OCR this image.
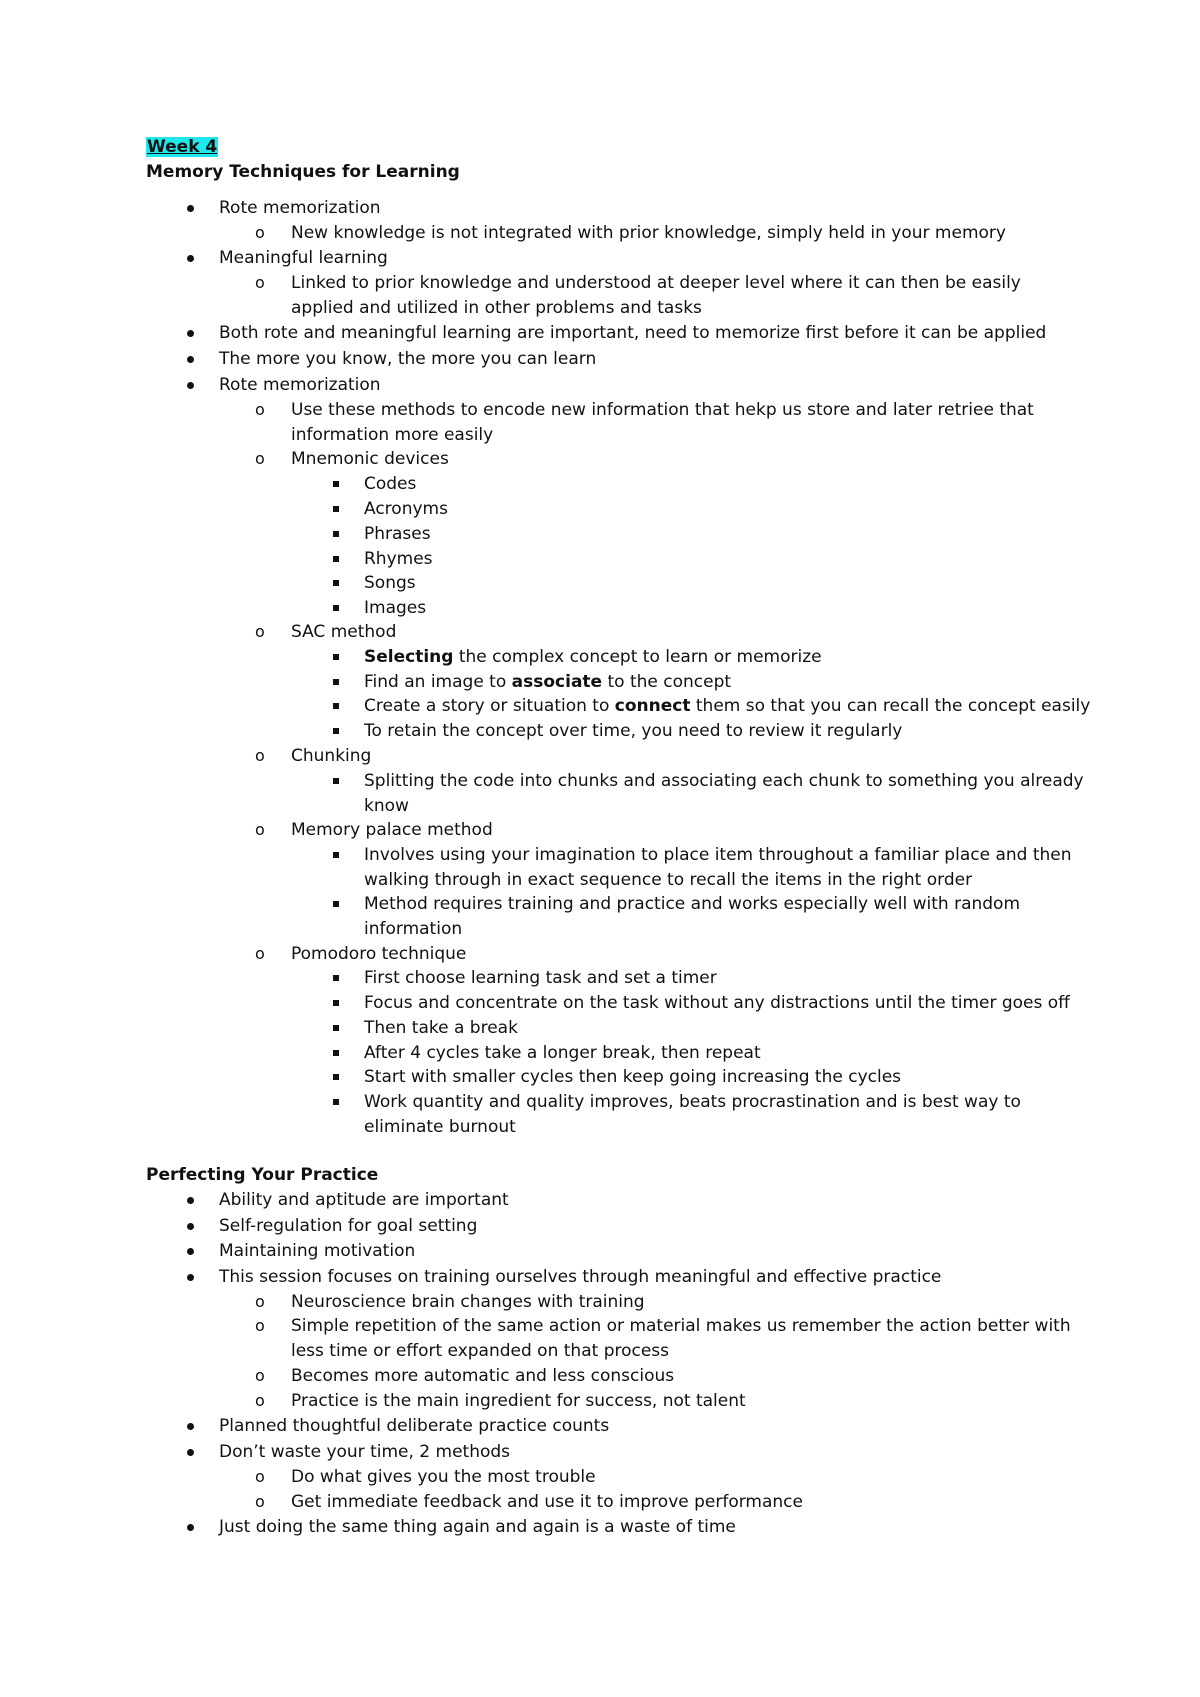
Week 4
Memory Techniques for Learning
Rote memorization
o New knowledge is not integrated with prior knowledge, simply held in your memory
Meaningful learning
o Linked to prior knowledge and understood at deeper level where it can then be easily
applied and utilized in other problems and tasks
Both rote and meaningful learning are important, need to memorize first before it can be applied
The more you know, the more you can learn
Rote memorization
o Use these methods to encode new information that hekp us store and later retriee that
information more easily
o Mnemonic devices
Codes
Acronyms
Phrases
Rhymes
Songs
Images
o SAC method
Selecting the complex concept to learn or memorize
Find an image to associate to the concept
Create a story or situation to connect them so that you can recall the concept easily
To retain the concept over time, you need to review it regularly
o Chunking
Splitting the code into chunks and associating each chunk to something you already
know
o Memory palace method
Involves using your imagination to place item throughout a familiar place and then
walking through in exact sequence to recall the items in the right order
Method requires training and practice and works especially well with random
information
o Pomodoro technique
First choose learning task and set a timer
Focus and concentrate on the task without any distractions until the timer goes off
Then take a break
After 4 cycles take a longer break, then repeat
Start with smaller cycles then keep going increasing the cycles
Work quantity and quality improves, beats procrastination and is best way to
eliminate burnout
Perfecting Your Practice
Ability and aptitude are important
Self-regulation for goal setting
Maintaining motivation
This session focuses on training ourselves through meaningful and effective practice
o Neuroscience brain changes with training
o Simple repetition of the same action or material makes us remember the action better with
less time or effort expanded on that process
o Becomes more automatic and less conscious
o Practice is the main ingredient for success, not talent
Planned thoughtful deliberate practice counts
Don’t waste your time, 2 methods
o Do what gives you the most trouble
o Get immediate feedback and use it to improve performance
Just doing the same thing again and again is a waste of time
